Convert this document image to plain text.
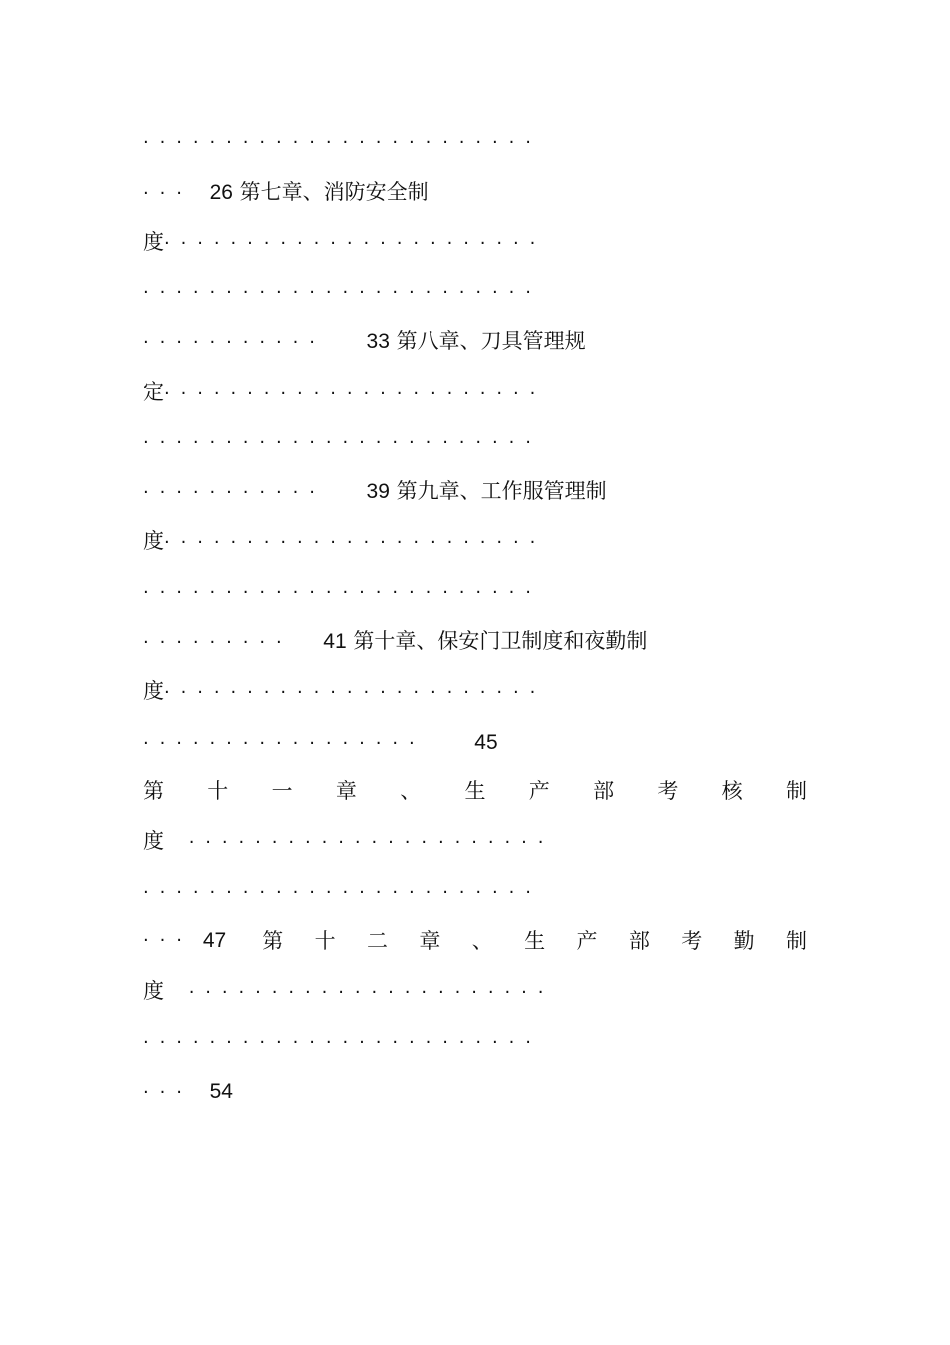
························
··· 26 第七章、消防安全制
度·······················
························
··········· 33 第八章、刀具管理规
定·······················
························
··········· 39 第九章、工作服管理制
度·······················
························
········· 41 第十章、保安门卫制度和夜勤制
度·······················
················· 45
第 十 一 章 、 生 产 部 考 核 制
度 ······················
························
··· 47 第 十 二 章 、 生 产 部 考 勤 制
度 ······················
························
··· 54
